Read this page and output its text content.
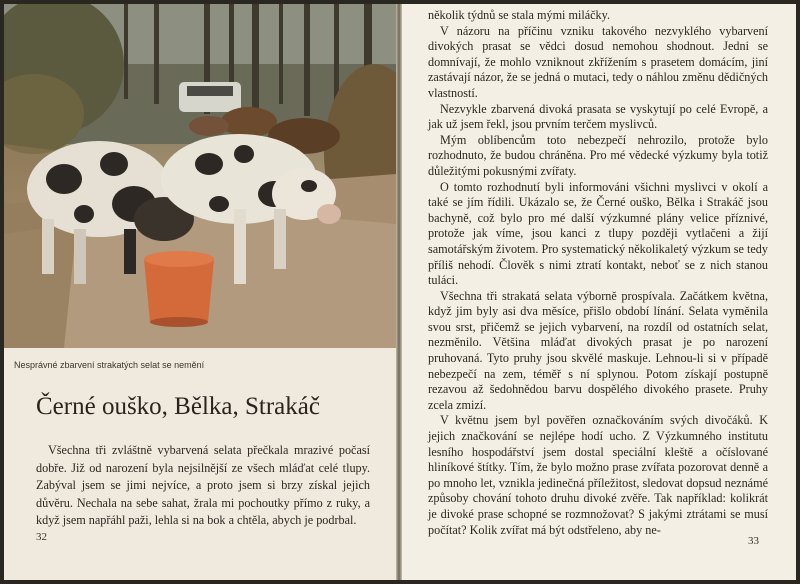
Nesprávné zbarvení strakatých selat se nemění
Černé ouško, Bělka, Strakáč

Všechna tři zvláštně vybarvená selata přečkala mrazivé počasí dobře. Již od narození byla nejsilnější ze všech mláďat celé tlupy. Zabýval jsem se jimi nejvíce, a proto jsem si brzy získal jejich důvěru. Nechala na sebe sahat, žrala mi pochoutky přímo z ruky, a když jsem napřáhl paži, lehla si na bok a chtěla, abych je podrbal.

32

několik týdnů se stala mými miláčky.

V názoru na příčinu vzniku takového nezvyklého vybarvení divokých prasat se vědci dosud nemohou shodnout. Jedni se domnívají, že mohlo vzniknout zkřížením s prasetem domácím, jiní zastávají názor, že se jedná o mutaci, tedy o náhlou změnu dědičných vlastností.

Nezvykle zbarvená divoká prasata se vyskytují po celé Evropě, a jak už jsem řekl, jsou prvním terčem myslivců.

Mým oblíbencům toto nebezpečí nehrozilo, protože bylo rozhodnuto, že budou chráněna. Pro mé vědecké výzkumy byla totiž důležitými pokusnými zvířaty.

O tomto rozhodnutí byli informováni všichni myslivci v okolí a také se jím řídili. Ukázalo se, že Černé ouško, Bělka i Strakáč jsou bachyně, což bylo pro mé další výzkumné plány velice příznivé, protože jak víme, jsou kanci z tlupy později vytlačeni a žijí samotářským životem. Pro systematický několikaletý výzkum se tedy příliš nehodí. Člověk s nimi ztratí kontakt, neboť se z nich stanou tuláci.

Všechna tři strakatá selata výborně prospívala. Začátkem května, když jim byly asi dva měsíce, přišlo období línání. Selata vyměnila svou srst, přičemž se jejich vybarvení, na rozdíl od ostatních selat, nezměnilo. Většina mláďat divokých prasat je po narození pruhovaná. Tyto pruhy jsou skvělé maskuje. Lehnou-li si v případě nebezpečí na zem, téměř s ní splynou. Potom získají postupně rezavou až šedohnědou barvu dospělého divokého prasete. Pruhy zcela zmizí.

V květnu jsem byl pověřen označkováním svých divočáků. K jejich značkování se nejlépe hodí ucho. Z Výzkumného institutu lesního hospodářství jsem dostal speciální kleště a očíslované hliníkové štítky. Tím, že bylo možno prase zvířata pozorovat denně a po mnoho let, vznikla jedinečná příležitost, sledovat dopsud neznámé způsoby chování tohoto druhu divoké zvěře. Tak například: kolikrát je divoké prase schopné se rozmnožovat? S jakými ztrátami se musí počítat? Kolik zvířat má být odstřeleno, aby ne-

33
